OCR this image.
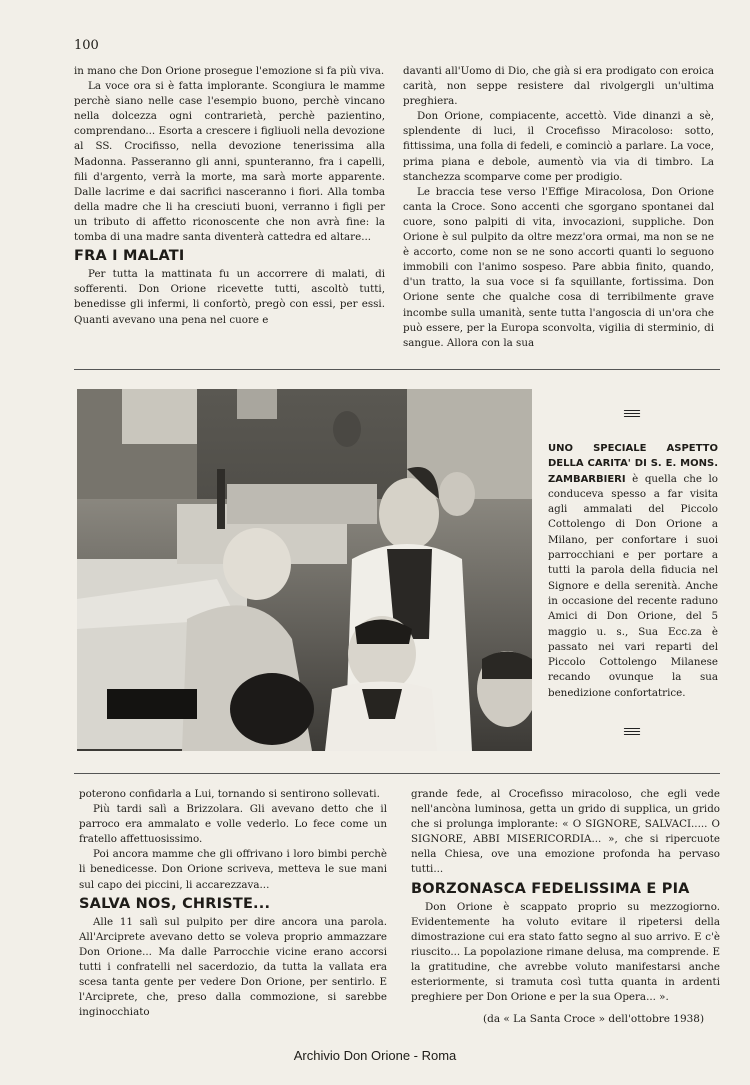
100

in mano che Don Orione prosegue l'emozione si fa più viva.

La voce ora si è fatta implorante. Scongiura le mamme perchè siano nelle case l'esempio buono, perchè vincano nella dolcezza ogni contrarietà, perchè pazientino, comprendano... Esorta a crescere i figliuoli nella devozione al SS. Crocifisso, nella devozione tenerissima alla Madonna. Passeranno gli anni, spunteranno, fra i capelli, fili d'argento, verrà la morte, ma sarà morte apparente. Dalle lacrime e dai sacrifici nasceranno i fiori. Alla tomba della madre che li ha cresciuti buoni, verranno i figli per un tributo di affetto riconoscente che non avrà fine: la tomba di una madre santa diventerà cattedra ed altare...

FRA I MALATI

Per tutta la mattinata fu un accorrere di malati, di sofferenti. Don Orione ricevette tutti, ascoltò tutti, benedisse gli infermi, li confortò, pregò con essi, per essi. Quanti avevano una pena nel cuore e

davanti all'Uomo di Dio, che già si era prodigato con eroica carità, non seppe resistere dal rivolgergli un'ultima preghiera.

Don Orione, compiacente, accettò. Vide dinanzi a sè, splendente di luci, il Crocefisso Miracoloso: sotto, fittissima, una folla di fedeli, e cominciò a parlare. La voce, prima piana e debole, aumentò via via di timbro. La stanchezza scomparve come per prodigio.

Le braccia tese verso l'Effige Miracolosa, Don Orione canta la Croce. Sono accenti che sgorgano spontanei dal cuore, sono palpiti di vita, invocazioni, suppliche. Don Orione è sul pulpito da oltre mezz'ora ormai, ma non se ne è accorto, come non se ne sono accorti quanti lo seguono immobili con l'animo sospeso. Pare abbia finito, quando, d'un tratto, la sua voce si fa squillante, fortissima. Don Orione sente che qualche cosa di terribilmente grave incombe sulla umanità, sente tutta l'angoscia di un'ora che può essere, per la Europa sconvolta, vigilia di sterminio, di sangue. Allora con la sua

UNO SPECIALE ASPETTO DELLA CARITA' DI S. E. MONS. ZAMBARBIERI è quella che lo conduceva spesso a far visita agli ammalati del Piccolo Cottolengo di Don Orione a Milano, per confortare i suoi parrocchiani e per portare a tutti la parola della fiducia nel Signore e della serenità. Anche in occasione del recente raduno Amici di Don Orione, del 5 maggio u. s., Sua Ecc.za è passato nei vari reparti del Piccolo Cottolengo Milanese recando ovunque la sua benedizione confortatrice.

poterono confidarla a Lui, tornando si sentirono sollevati.

Più tardi salì a Brizzolara. Gli avevano detto che il parroco era ammalato e volle vederlo. Lo fece come un fratello affettuosissimo.

Poi ancora mamme che gli offrivano i loro bimbi perchè li benedicesse. Don Orione scriveva, metteva le sue mani sul capo dei piccini, li accarezzava...

SALVA NOS, CHRISTE...

Alle 11 salì sul pulpito per dire ancora una parola. All'Arciprete avevano detto se voleva proprio ammazzare Don Orione... Ma dalle Parrocchie vicine erano accorsi tutti i confratelli nel sacerdozio, da tutta la vallata era scesa tanta gente per vedere Don Orione, per sentirlo. E l'Arciprete, che, preso dalla commozione, si sarebbe inginocchiato

grande fede, al Crocefisso miracoloso, che egli vede nell'ancòna luminosa, getta un grido di supplica, un grido che si prolunga implorante: « O SIGNORE, SALVACI..... O SIGNORE, ABBI MISERICORDIA... », che si ripercuote nella Chiesa, ove una emozione profonda ha pervaso tutti...

BORZONASCA FEDELISSIMA E PIA

Don Orione è scappato proprio su mezzogiorno. Evidentemente ha voluto evitare il ripetersi della dimostrazione cui era stato fatto segno al suo arrivo. E c'è riuscito... La popolazione rimane delusa, ma comprende. E la gratitudine, che avrebbe voluto manifestarsi anche esteriormente, si tramuta così tutta quanta in ardenti preghiere per Don Orione e per la sua Opera... ».

(da « La Santa Croce » dell'ottobre 1938)
Archivio Don Orione - Roma
